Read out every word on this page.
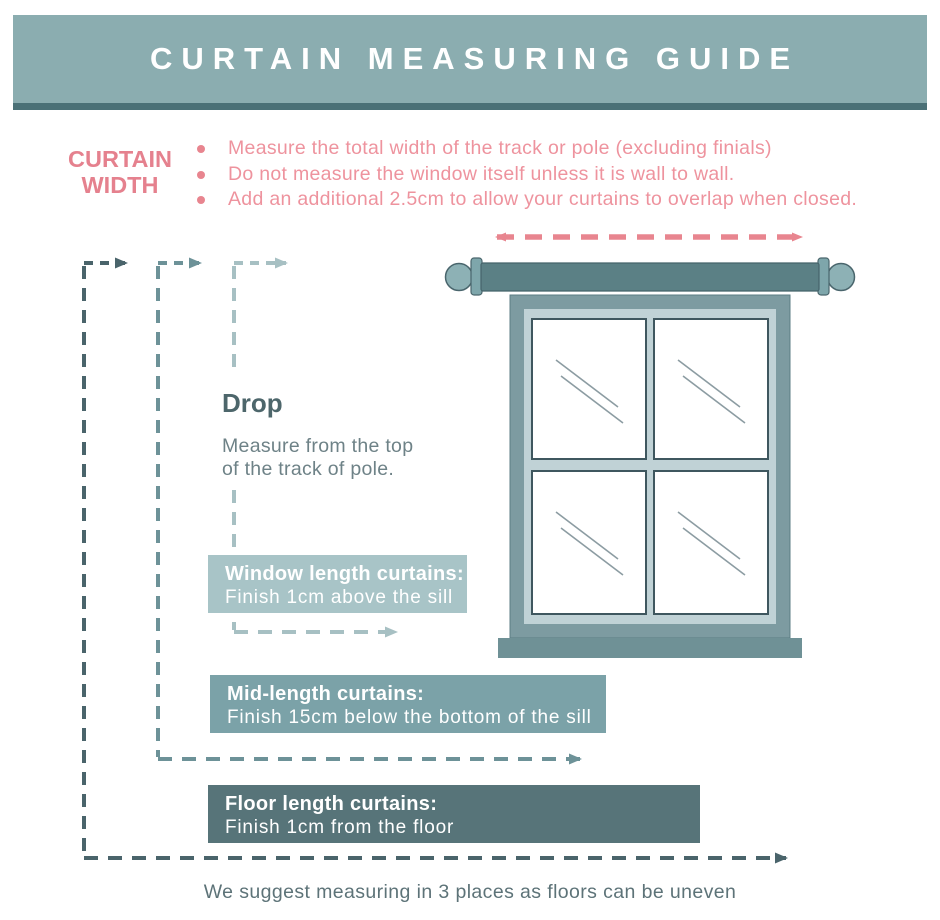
CURTAIN MEASURING GUIDE
CURTAIN
WIDTH
Measure the total width of the track or pole (excluding finials)
Do not measure the window itself unless it is wall to wall.
Add an additional 2.5cm to allow your curtains to overlap when closed.
Drop
Measure from the top
of the track of pole.
Window length curtains:
Finish 1cm above the sill
Mid-length curtains:
Finish 15cm below the bottom of the sill
Floor length curtains:
Finish 1cm from the floor
We suggest measuring in 3 places as floors can be uneven
